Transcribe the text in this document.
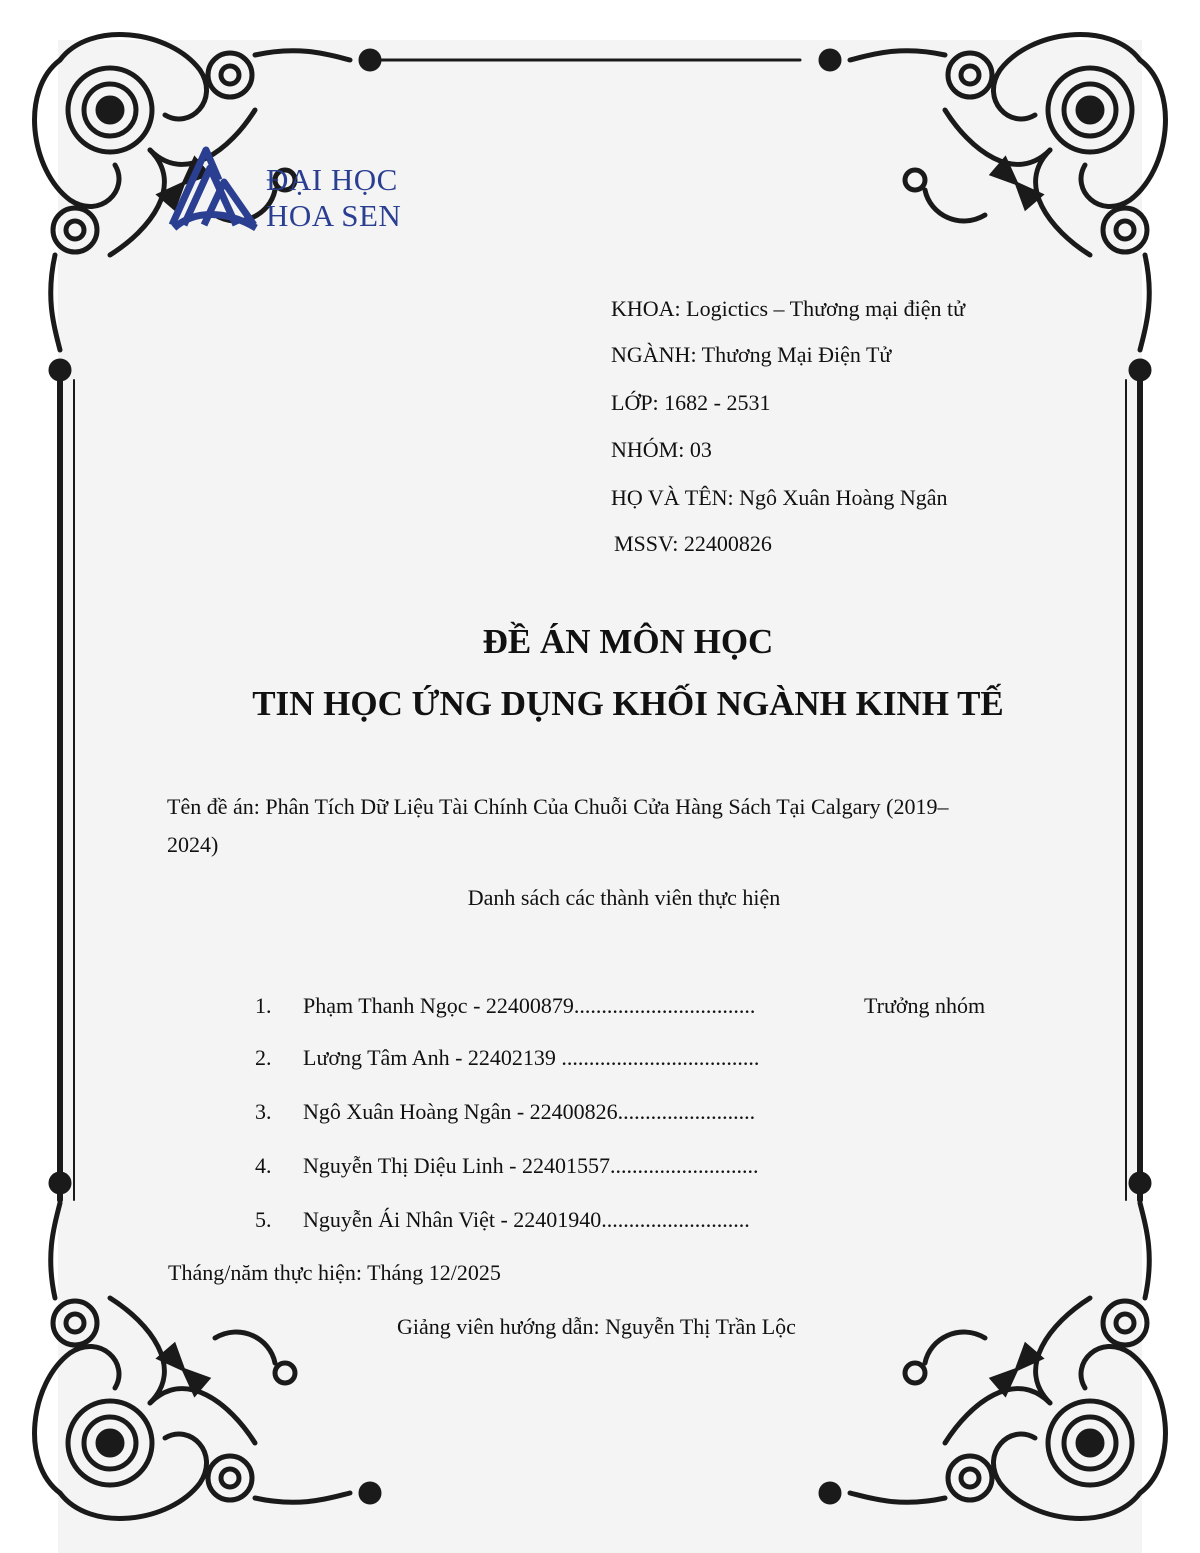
ĐẠI HỌC
HOA SEN
KHOA: Logictics – Thương mại điện tử
NGÀNH: Thương Mại Điện Tử
LỚP: 1682 - 2531
NHÓM: 03
HỌ VÀ TÊN: Ngô Xuân Hoàng Ngân
MSSV: 22400826
ĐỀ ÁN MÔN HỌC
TIN HỌC ỨNG DỤNG KHỐI NGÀNH KINH TẾ
Tên đề án: Phân Tích Dữ Liệu Tài Chính Của Chuỗi Cửa Hàng Sách Tại Calgary (2019–
2024)
Danh sách các thành viên thực hiện
1. Phạm Thanh Ngọc - 22400879.................................	Trưởng nhóm
2. Lương Tâm Anh - 22402139 ....................................
3. Ngô Xuân Hoàng Ngân - 22400826.........................
4. Nguyễn Thị Diệu Linh - 22401557...........................
5. Nguyễn Ái Nhân Việt - 22401940...........................
Tháng/năm thực hiện: Tháng 12/2025
Giảng viên hướng dẫn: Nguyễn Thị Trần Lộc
